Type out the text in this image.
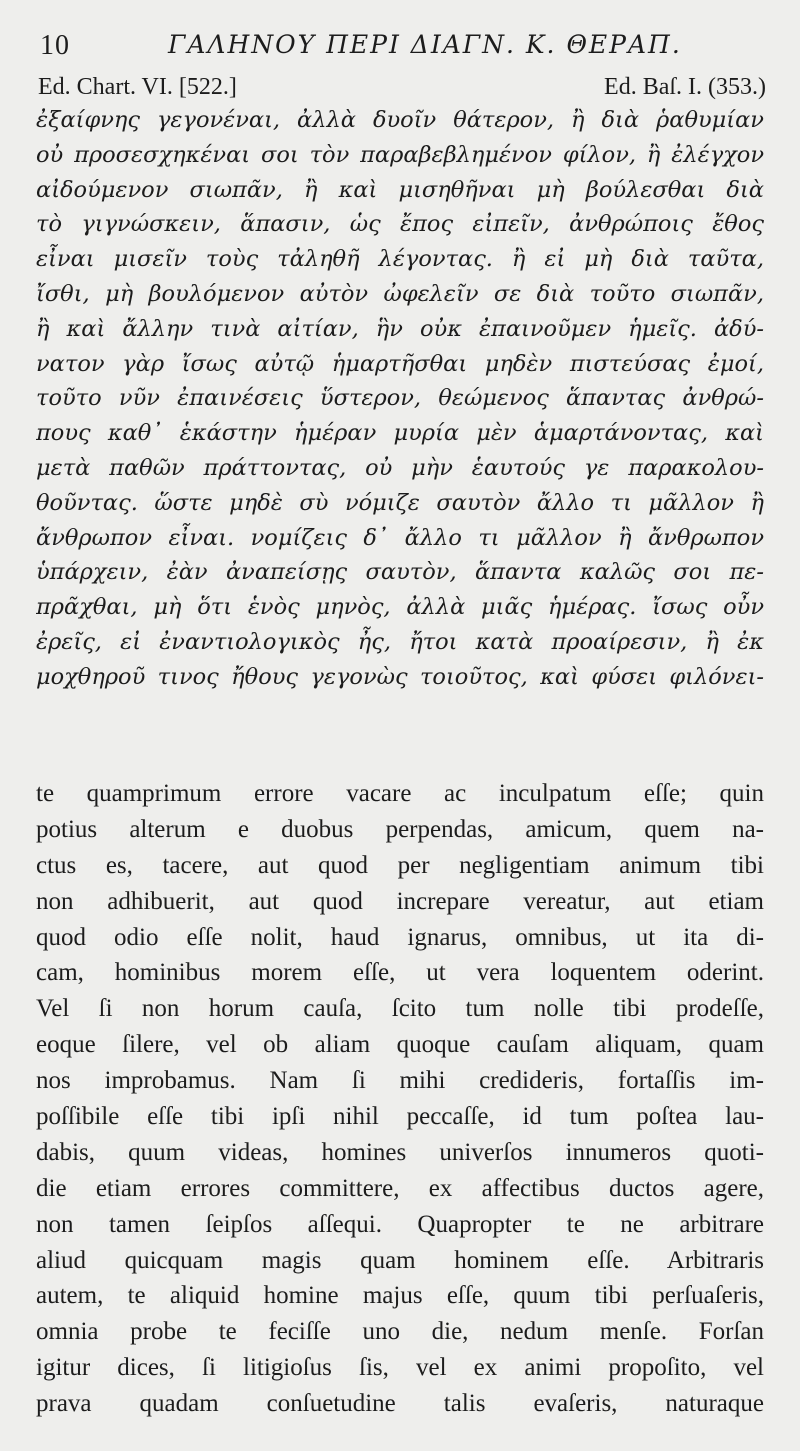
10	ΓΑΛΗΝΟΥ ΠΕΡΙ ΔΙΑΓΝ. Κ. ΘΕΡΑΠ.
Ed. Chart. VI. [522.]	Ed. Baſ. I. (353.)
ἐξαίφνης γεγονέναι, ἀλλὰ δυοῖν θάτερον, ἢ διὰ ῥαθυμίαν
οὐ προσεσχηκέναι σοι τὸν παραβεβλημένον φίλον, ἢ ἐλέγχον
αἰδούμενον σιωπᾶν, ἢ καὶ μισηθῆναι μὴ βούλεσθαι διὰ
τὸ γιγνώσκειν, ἅπασιν, ὡς ἔπος εἰπεῖν, ἀνθρώποις ἔθος
εἶναι μισεῖν τοὺς τἀληθῆ λέγοντας. ἢ εἰ μὴ διὰ ταῦτα,
ἴσθι, μὴ βουλόμενον αὐτὸν ὠφελεῖν σε διὰ τοῦτο σιωπᾶν,
ἢ καὶ ἄλλην τινὰ αἰτίαν, ἣν οὐκ ἐπαινοῦμεν ἡμεῖς. ἀδύ-
νατον γὰρ ἴσως αὐτῷ ἡμαρτῆσθαι μηδὲν πιστεύσας ἐμοί,
τοῦτο νῦν ἐπαινέσεις ὕστερον, θεώμενος ἅπαντας ἀνθρώ-
πους καθ᾿ ἑκάστην ἡμέραν μυρία μὲν ἁμαρτάνοντας, καὶ
μετὰ παθῶν πράττοντας, οὐ μὴν ἑαυτούς γε παρακολου-
θοῦντας. ὥστε μηδὲ σὺ νόμιζε σαυτὸν ἄλλο τι μᾶλλον ἢ
ἄνθρωπον εἶναι. νομίζεις δ᾿ ἄλλο τι μᾶλλον ἢ ἄνθρωπον
ὑπάρχειν, ἐὰν ἀναπείσῃς σαυτὸν, ἅπαντα καλῶς σοι πε-
πρᾶχθαι, μὴ ὅτι ἑνὸς μηνὸς, ἀλλὰ μιᾶς ἡμέρας. ἴσως οὖν
ἐρεῖς, εἰ ἐναντιολογικὸς ἦς, ἤτοι κατὰ προαίρεσιν, ἢ ἐκ
μοχθηροῦ τινος ἤθους γεγονὼς τοιοῦτος, καὶ φύσει φιλόνει-
te quamprimum errore vacare ac inculpatum eſſe; quin
potius alterum e duobus perpendas, amicum, quem na-
ctus es, tacere, aut quod per negligentiam animum tibi
non adhibuerit, aut quod increpare vereatur, aut etiam
quod odio eſſe nolit, haud ignarus, omnibus, ut ita di-
cam, hominibus morem eſſe, ut vera loquentem oderint.
Vel ſi non horum cauſa, ſcito tum nolle tibi prodeſſe,
eoque ſilere, vel ob aliam quoque cauſam aliquam, quam
nos improbamus. Nam ſi mihi credideris, fortaſſis im-
poſſibile eſſe tibi ipſi nihil peccaſſe, id tum poſtea lau-
dabis, quum videas, homines univerſos innumeros quoti-
die etiam errores committere, ex affectibus ductos agere,
non tamen ſeipſos aſſequi. Quapropter te ne arbitrare
aliud quicquam magis quam hominem eſſe. Arbitraris
autem, te aliquid homine majus eſſe, quum tibi perſuaſeris,
omnia probe te feciſſe uno die, nedum menſe. Forſan
igitur dices, ſi litigioſus ſis, vel ex animi propoſito, vel
prava quadam conſuetudine talis evaſeris, naturaque
